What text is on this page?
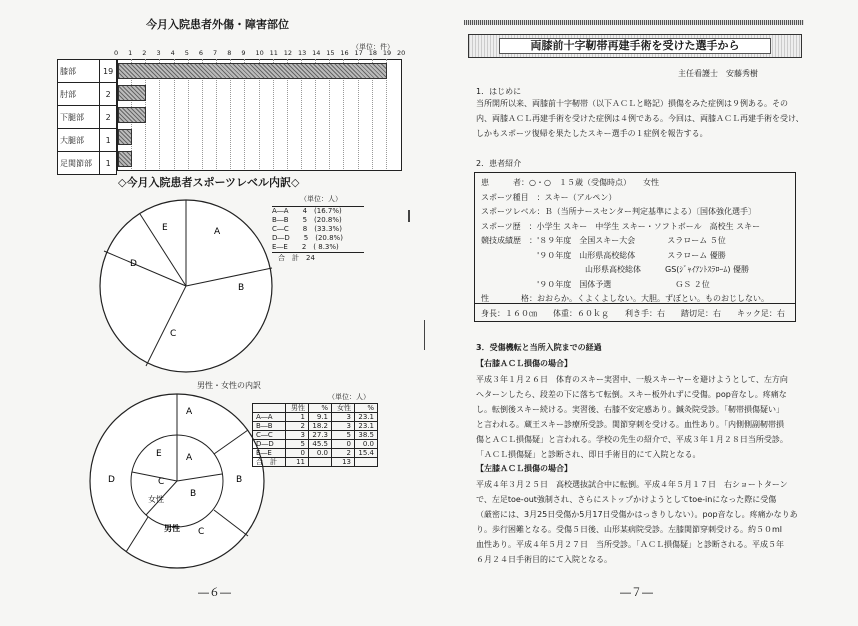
今月入院患者外傷・障害部位
（単位：件）
0 1 2 3 4 5 6 7 8 9 10 11 12 13 14 15 16 17 18 19 20
膝部	19
肘部	2
下腿部	2
大腿部	1
足関節部	1
◇今月入院患者スポーツレベル内訳◇
（単位：人）
A
B
C
D
E
A―A　　4　(16.7%)
B―B　　5　(20.8%)
C―C　　8　(33.3%)
D―D　　5　(20.8%)
E―E　　2　( 8.3%)
合　計　24
男性・女性の内訳
（単位：人）
A
B
C
D
E	A
B
C
女性
男性
	男性	%	女性	%
A―A	1	9.1	3	23.1
B―B	2	18.2	3	23.1
C―C	3	27.3	5	38.5
D―D	5	45.5	0	0.0
E―E	0	0.0	2	15.4
合　計	11		13	
―６―
両膝前十字靭帯再建手術を受けた選手から
主任看護士　安藤秀樹
1．はじめに
当所開所以来、両膝前十字靭帯（以下ＡＣＬと略記）損傷をみた症例は９例ある。その
内、両膝ＡＣＬ再建手術を受けた症例は４例である。今回は、両膝ＡＣＬ再建手術を受け、
しかもスポーツ復帰を果たしたスキー選手の１症例を報告する。
2．患者紹介
患　　　者：○・○　１５歳（受傷時点）　　女性
スポーツ種目　：スキー（アルペン）
スポーツレベル：Ｂ（当所ナースセンター判定基準による）〔国体強化選手〕
スポーツ歴　：小学生 スキー　中学生 スキー・ソフトボール　高校生 スキー
競技成績歴　：'８９年度　全国スキー大会　　　　スラローム ５位
　　　　　　　'９０年度　山形県高校総体　　　　スラローム 優勝
　　　　　　　　　　　　　山形県高校総体　　　GS(ｼﾞｬｲｱﾝﾄｽﾗﾛｰﾑ) 優勝
　　　　　　　'９０年度　国体予選　　　　　　　　ＧＳ ２位
性　　　　格：おおらか。くよくよしない。大胆。ずぼとい。ものおじしない。
身長：１６０㎝　　体重：６０ｋｇ　　利き手：右　　踏切足：右　　キック足：右
3．受傷機転と当所入院までの経過
【右膝ＡＣＬ損傷の場合】
平成３年１月２６日　体育のスキー実習中、一般スキーヤーを避けようとして、左方向
へターンしたら、段差の下に落ちて転倒。スキー板外れずに受傷。pop音なし。疼痛な
し。転倒後スキー続ける。実習後、右膝不安定感あり。鍼灸院受診。「靭帯損傷疑い」
と言われる。蔵王スキー診療所受診。関節穿刺を受ける。血性あり。「内側側副靭帯損
傷とＡＣＬ損傷疑」と言われる。学校の先生の紹介で、平成３年１月２８日当所受診。
「ＡＣＬ損傷疑」と診断され、即日手術目的にて入院となる。
【左膝ＡＣＬ損傷の場合】
平成４年３月２５日　高校選抜試合中に転倒。平成４年５月１７日　右ショートターン
で、左足toe-out強制され、さらにストップかけようとしてtoe-inになった際に受傷
（厳密には、3月25日受傷か5月17日受傷かはっきりしない）。pop音なし。疼痛かなりあ
り。歩行困難となる。受傷５日後、山形某病院受診。左膝関節穿刺受ける。約５０ml
血性あり。平成４年５月２７日　当所受診。「ＡＣＬ損傷疑」と診断される。平成５年
６月２４日手術目的にて入院となる。
―７―
